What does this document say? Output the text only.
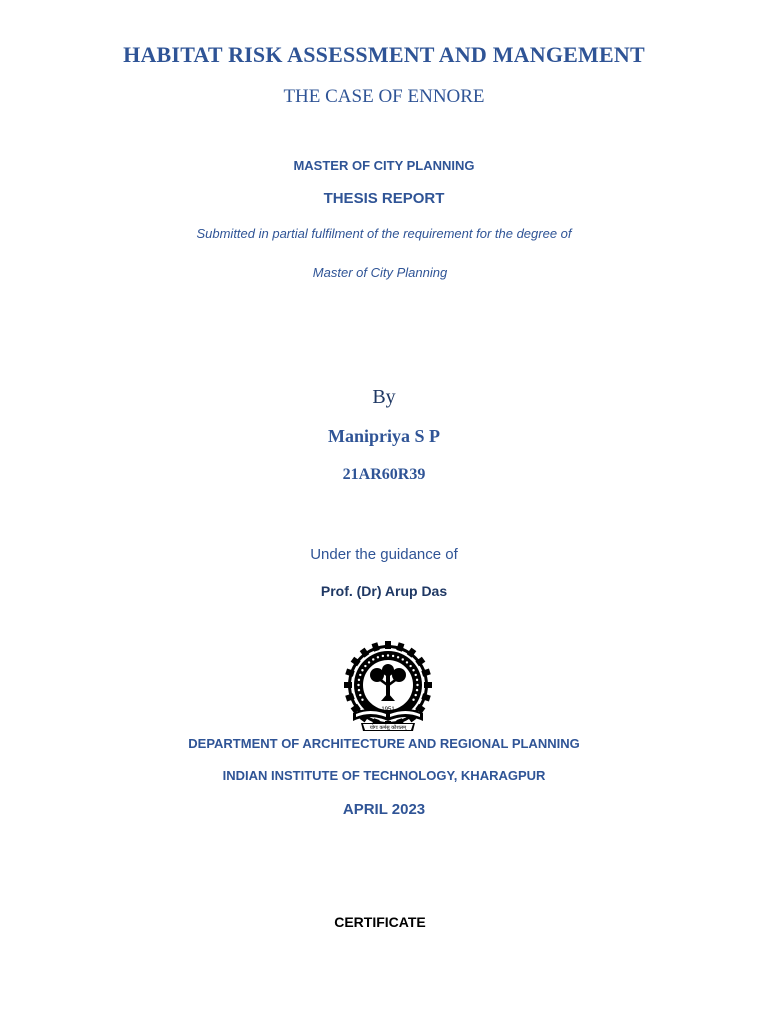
HABITAT RISK ASSESSMENT AND MANGEMENT
THE CASE OF ENNORE
MASTER OF CITY PLANNING
THESIS REPORT
Submitted in partial fulfilment of the requirement for the degree of
Master of City Planning
By
Manipriya S P
21AR60R39
Under the guidance of
Prof. (Dr) Arup Das
1951
योगः कर्मसु कौशलम्
DEPARTMENT OF ARCHITECTURE AND REGIONAL PLANNING
INDIAN INSTITUTE OF TECHNOLOGY, KHARAGPUR
APRIL 2023
CERTIFICATE
